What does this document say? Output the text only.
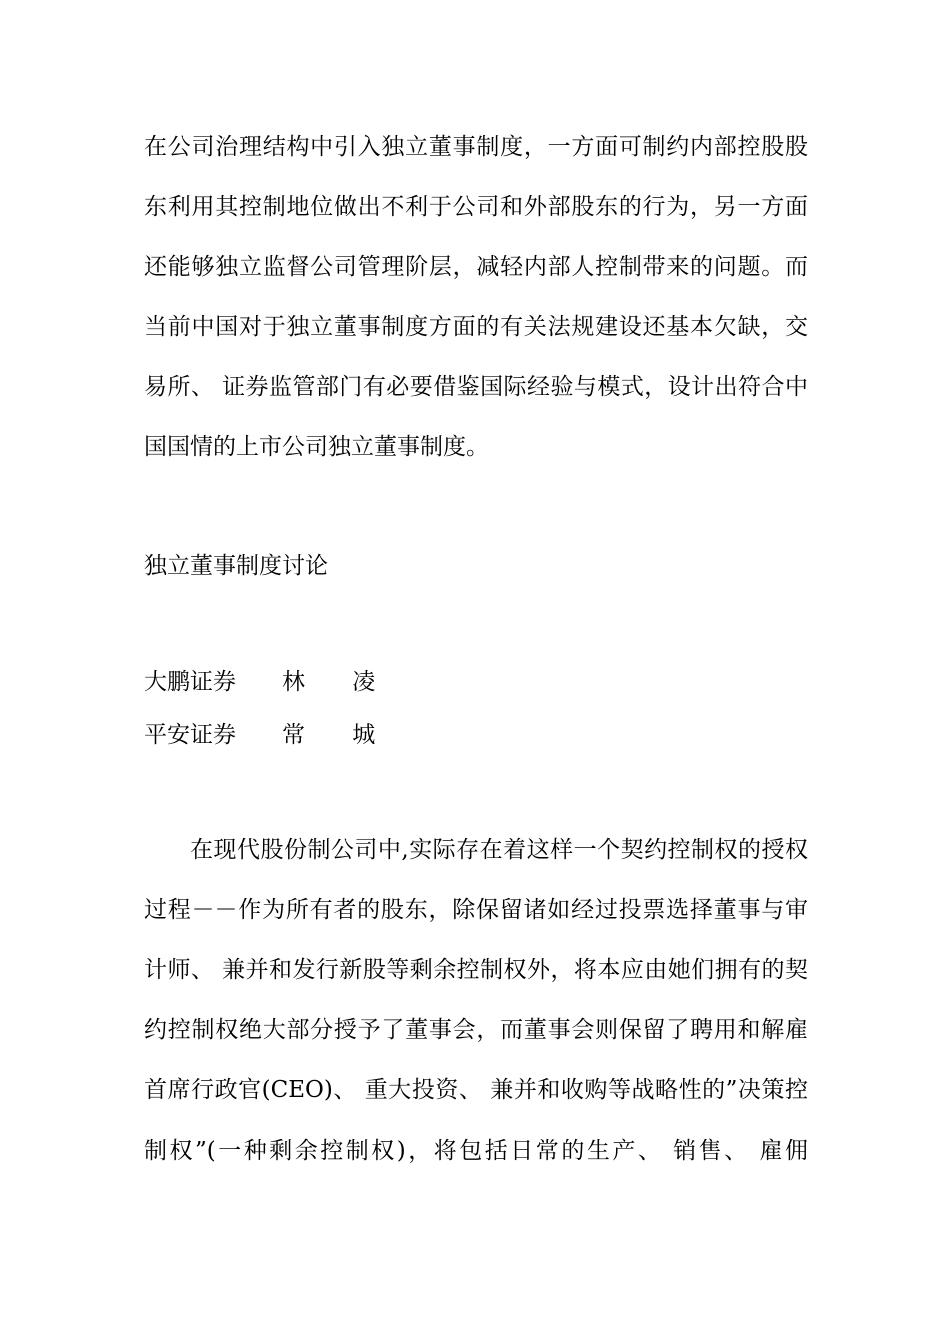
在公司治理结构中引入独立董事制度，一方面可制约内部控股股
东利用其控制地位做出不利于公司和外部股东的行为，另一方面
还能够独立监督公司管理阶层，减轻内部人控制带来的问题。而
当前中国对于独立董事制度方面的有关法规建设还基本欠缺，交
易所、 证券监管部门有必要借鉴国际经验与模式，设计出符合中
国国情的上市公司独立董事制度。
独立董事制度讨论
大鹏证券 林 凌
平安证券 常 城
在现代股份制公司中,实际存在着这样一个契约控制权的授权
过程－－作为所有者的股东，除保留诸如经过投票选择董事与审
计师、 兼并和发行新股等剩余控制权外，将本应由她们拥有的契
约控制权绝大部分授予了董事会，而董事会则保留了聘用和解雇
首席行政官(CEO)、 重大投资、 兼并和收购等战略性的”决策控
制权”(一种剩余控制权)，将包括日常的生产、 销售、 雇佣
